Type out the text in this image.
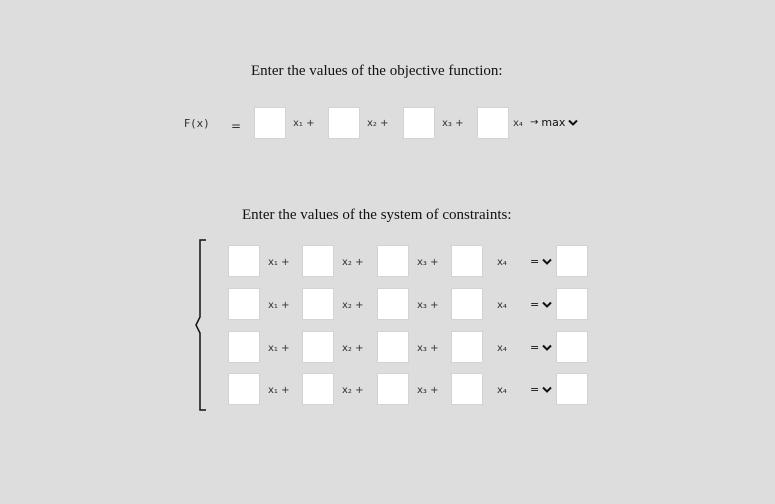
Enter the values of the objective function:
F(x) =	x₁ +	x₂ +	x₃ +	x₄ → max
Enter the values of the system of constraints:
x₁ +	x₂ +	x₃ +	x₄ =
x₁ +	x₂ +	x₃ +	x₄ =
x₁ +	x₂ +	x₃ +	x₄ =
x₁ +	x₂ +	x₃ +	x₄ =
